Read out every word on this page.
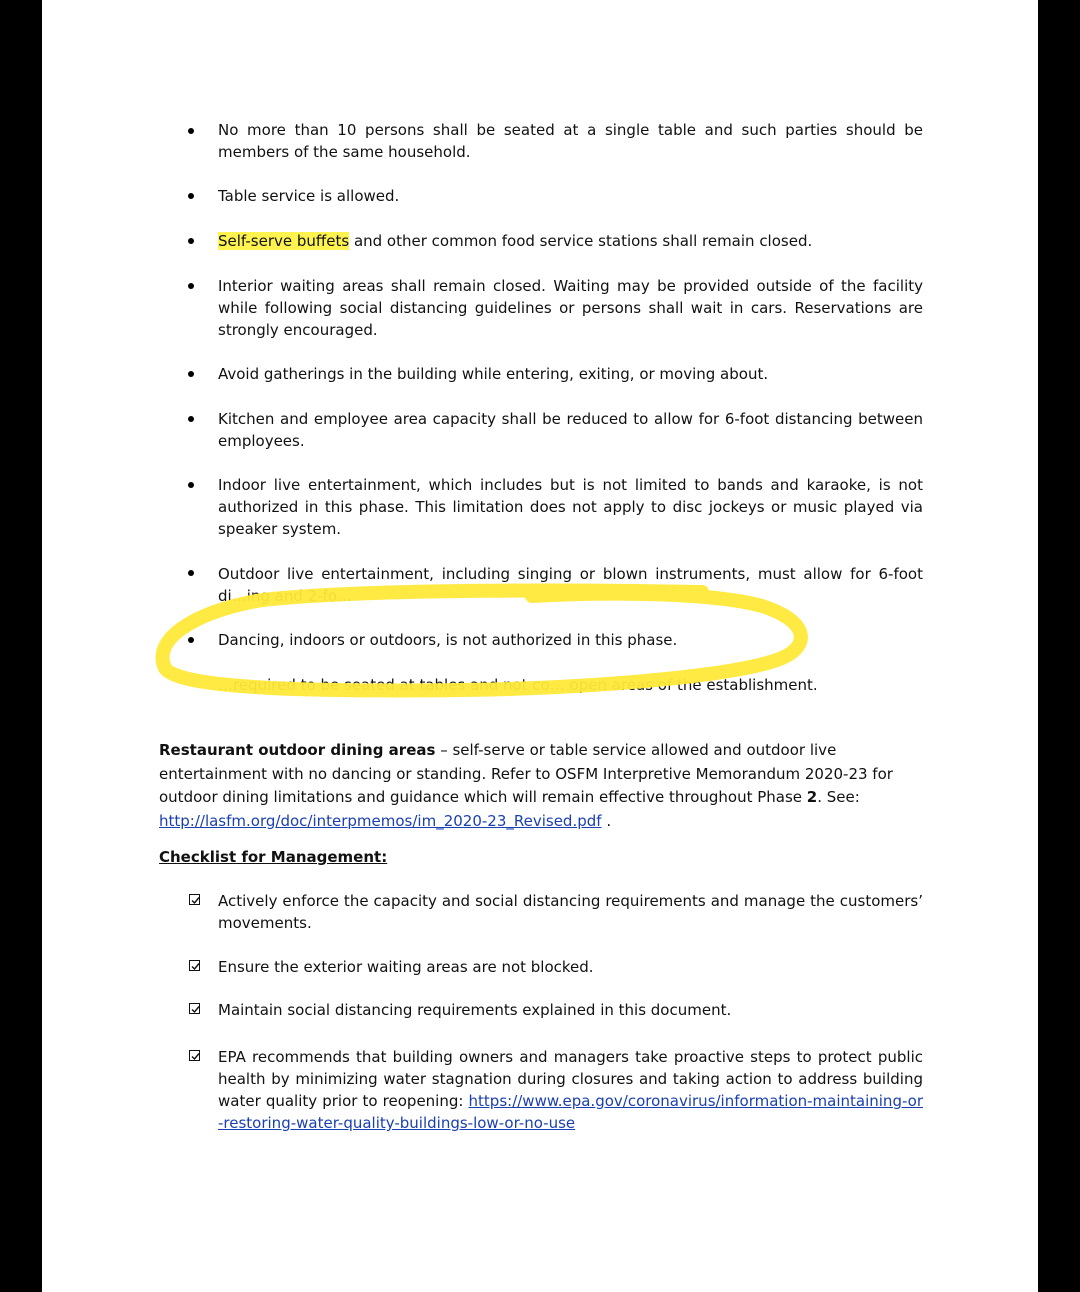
No more than 10 persons shall be seated at a single table and such parties should be members of the same household.
Table service is allowed.
Self-serve buffets and other common food service stations shall remain closed.
Interior waiting areas shall remain closed. Waiting may be provided outside of the facility while following social distancing guidelines or persons shall wait in cars. Reservations are strongly encouraged.
Avoid gatherings in the building while entering, exiting, or moving about.
Kitchen and employee area capacity shall be reduced to allow for 6-foot distancing between employees.
Indoor live entertainment, which includes but is not limited to bands and karaoke, is not authorized in this phase. This limitation does not apply to disc jockeys or music played via speaker system.
Outdoor live entertainment, including singing or blown instruments, must allow for 6-foot di…ing and 2-fo…
Dancing, indoors or outdoors, is not authorized in this phase.
…required to be seated at tables and not co… open areas of the establishment.
Restaurant outdoor dining areas – self-serve or table service allowed and outdoor live entertainment with no dancing or standing. Refer to OSFM Interpretive Memorandum 2020-23 for outdoor dining limitations and guidance which will remain effective throughout Phase 2. See:
http://lasfm.org/doc/interpmemos/im_2020-23_Revised.pdf .
Checklist for Management:
Actively enforce the capacity and social distancing requirements and manage the customers’ movements.
Ensure the exterior waiting areas are not blocked.
Maintain social distancing requirements explained in this document.
EPA recommends that building owners and managers take proactive steps to protect public health by minimizing water stagnation during closures and taking action to address building water quality prior to reopening: https://www.epa.gov/coronavirus/information-maintaining-or-restoring-water-quality-buildings-low-or-no-use
